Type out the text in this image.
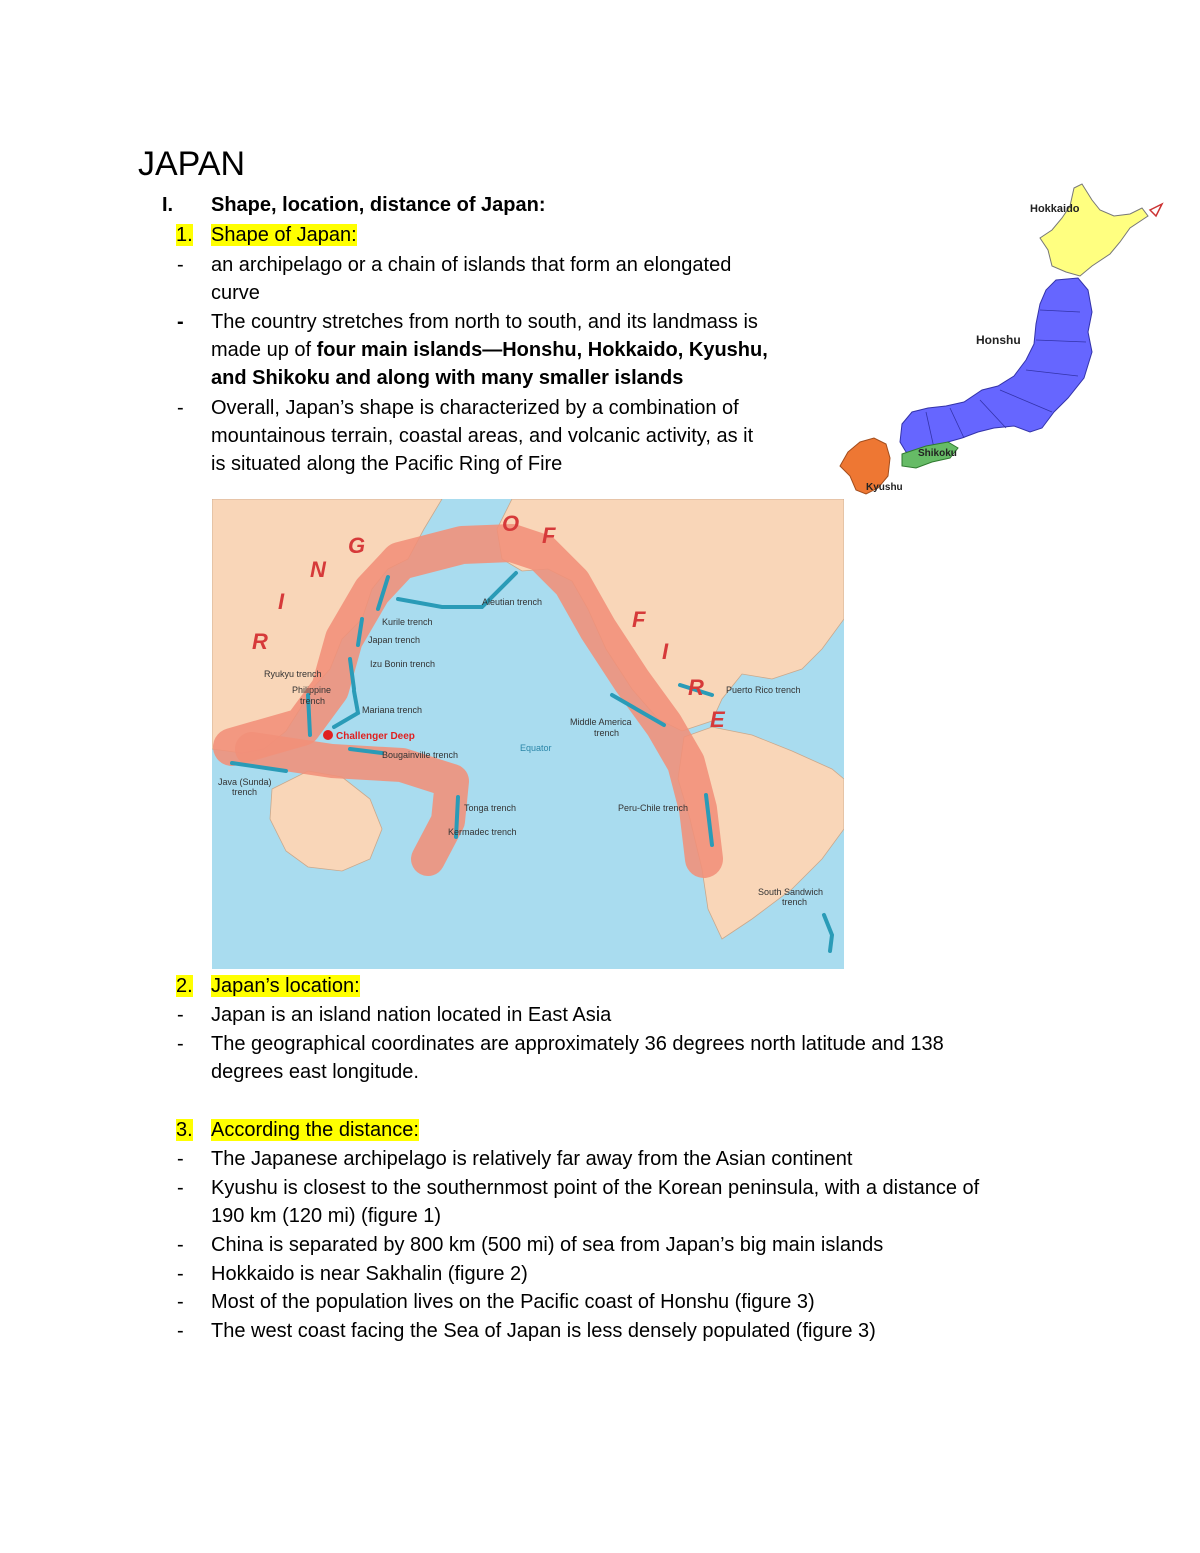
JAPAN
I. Shape, location, distance of Japan:
1. Shape of Japan:
- an archipelago or a chain of islands that form an elongated
curve
- The country stretches from north to south, and its landmass is
made up of four main islands—Honshu, Hokkaido, Kyushu,
and Shikoku and along with many smaller islands
- Overall, Japan’s shape is characterized by a combination of
mountainous terrain, coastal areas, and volcanic activity, as it
is situated along the Pacific Ring of Fire
Hokkaido
Honshu
Shikoku
Kyushu
R
I
N
G
O F
F
I
R
E
Aleutian trench
Kurile trench
Japan trench
Izu Bonin trench
Ryukyu trench
Philippine
trench
Mariana trench
Bougainville trench
Java (Sunda)
trench
Tonga trench
Kermadec trench
Middle America
trench
Peru-Chile trench
Puerto Rico trench
South Sandwich
trench
Equator
Challenger Deep
2. Japan’s location:
- Japan is an island nation located in East Asia
- The geographical coordinates are approximately 36 degrees north latitude and 138
degrees east longitude.
3. According the distance:
- The Japanese archipelago is relatively far away from the Asian continent
- Kyushu is closest to the southernmost point of the Korean peninsula, with a distance of
190 km (120 mi) (figure 1)
- China is separated by 800 km (500 mi) of sea from Japan’s big main islands
- Hokkaido is near Sakhalin (figure 2)
- Most of the population lives on the Pacific coast of Honshu (figure 3)
- The west coast facing the Sea of Japan is less densely populated (figure 3)
